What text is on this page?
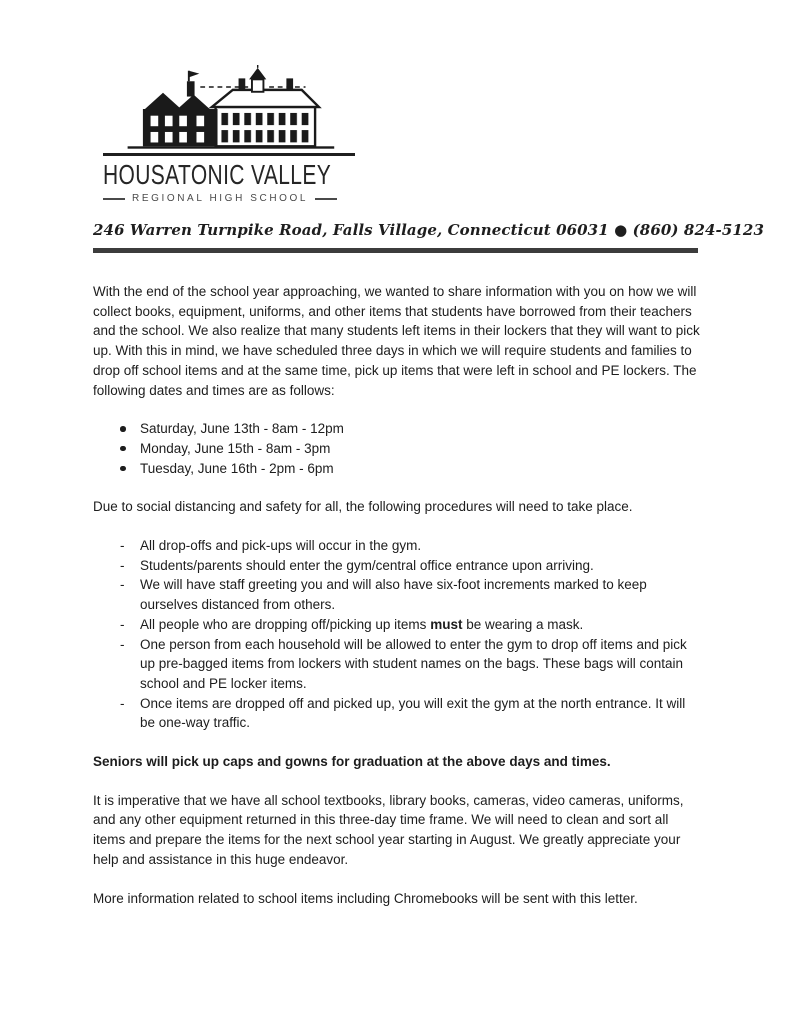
HOUSATONIC VALLEY
REGIONAL HIGH SCHOOL

246 Warren Turnpike Road, Falls Village, Connecticut 06031 ● (860) 824-5123

With the end of the school year approaching, we wanted to share information with you on how we will collect books, equipment, uniforms, and other items that students have borrowed from their teachers and the school. We also realize that many students left items in their lockers that they will want to pick up. With this in mind, we have scheduled three days in which we will require students and families to drop off school items and at the same time, pick up items that were left in school and PE lockers. The following dates and times are as follows:

Saturday, June 13th - 8am - 12pm
Monday, June 15th - 8am - 3pm
Tuesday, June 16th - 2pm - 6pm

Due to social distancing and safety for all, the following procedures will need to take place.

- All drop-offs and pick-ups will occur in the gym.
- Students/parents should enter the gym/central office entrance upon arriving.
- We will have staff greeting you and will also have six-foot increments marked to keep ourselves distanced from others.
- All people who are dropping off/picking up items must be wearing a mask.
- One person from each household will be allowed to enter the gym to drop off items and pick up pre-bagged items from lockers with student names on the bags. These bags will contain school and PE locker items.
- Once items are dropped off and picked up, you will exit the gym at the north entrance. It will be one-way traffic.

Seniors will pick up caps and gowns for graduation at the above days and times.

It is imperative that we have all school textbooks, library books, cameras, video cameras, uniforms, and any other equipment returned in this three-day time frame. We will need to clean and sort all items and prepare the items for the next school year starting in August. We greatly appreciate your help and assistance in this huge endeavor.

More information related to school items including Chromebooks will be sent with this letter.
